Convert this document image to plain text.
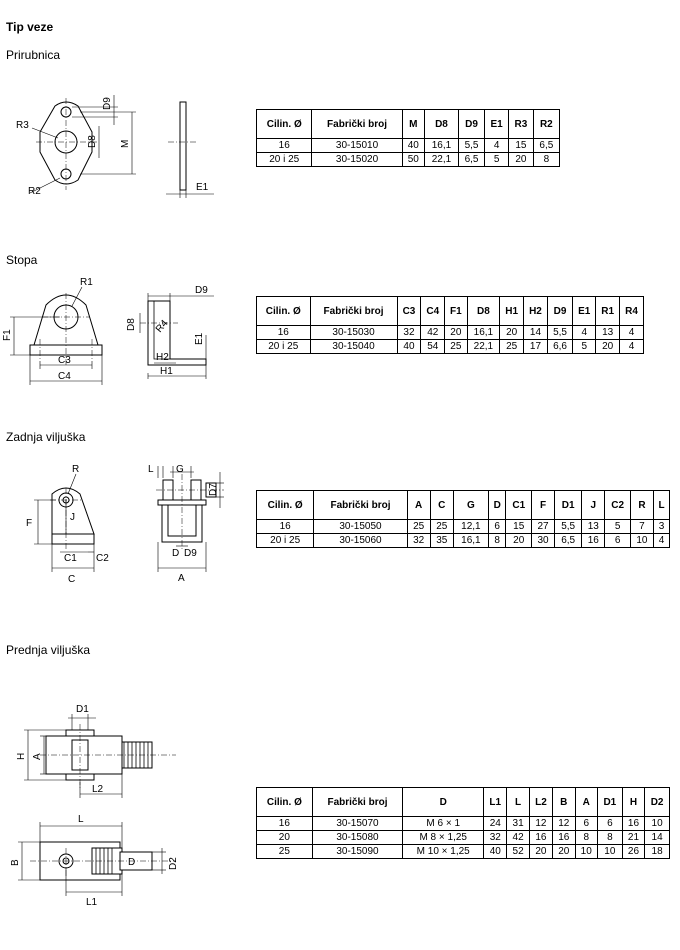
Tip veze
Prirubnica
R3
D9
D8 M
R2	E1
Cilin. Ø	Fabrički broj	M	D8	D9	E1	R3	R2
16	30-15010	40	16,1	5,5	4	15	6,5
20 i 25	30-15020	50	22,1	6,5	5	20	8
Stopa
R1
D9
F1
C3
C4
D8 R4
E1
H2
H1
Cilin. Ø	Fabrički broj	C3	C4	F1	D8	H1	H2	D9	E1	R1	R4
16	30-15030	32	42	20	16,1	20	14	5,5	4	13	4
20 i 25	30-15040	40	54	25	22,1	25	17	6,6	5	20	4
Zadnja viljuška
R
F
J
C1 C2
C
L G
D7
D D9
A
Cilin. Ø	Fabrički broj	A	C	G	D	C1	F	D1	J	C2	R	L
16	30-15050	25	25	12,1	6	15	27	5,5	13	5	7	3
20 i 25	30-15060	32	35	16,1	8	20	30	6,5	16	6	10	4
Prednja viljuška
D1
H A
L2
L
B	D	D2
L1
Cilin. Ø	Fabrički broj	D	L1	L	L2	B	A	D1	H	D2
16	30-15070	M 6 × 1	24	31	12	12	6	6	16	10
20	30-15080	M 8 × 1,25	32	42	16	16	8	8	21	14
25	30-15090	M 10 × 1,25	40	52	20	20	10	10	26	18
